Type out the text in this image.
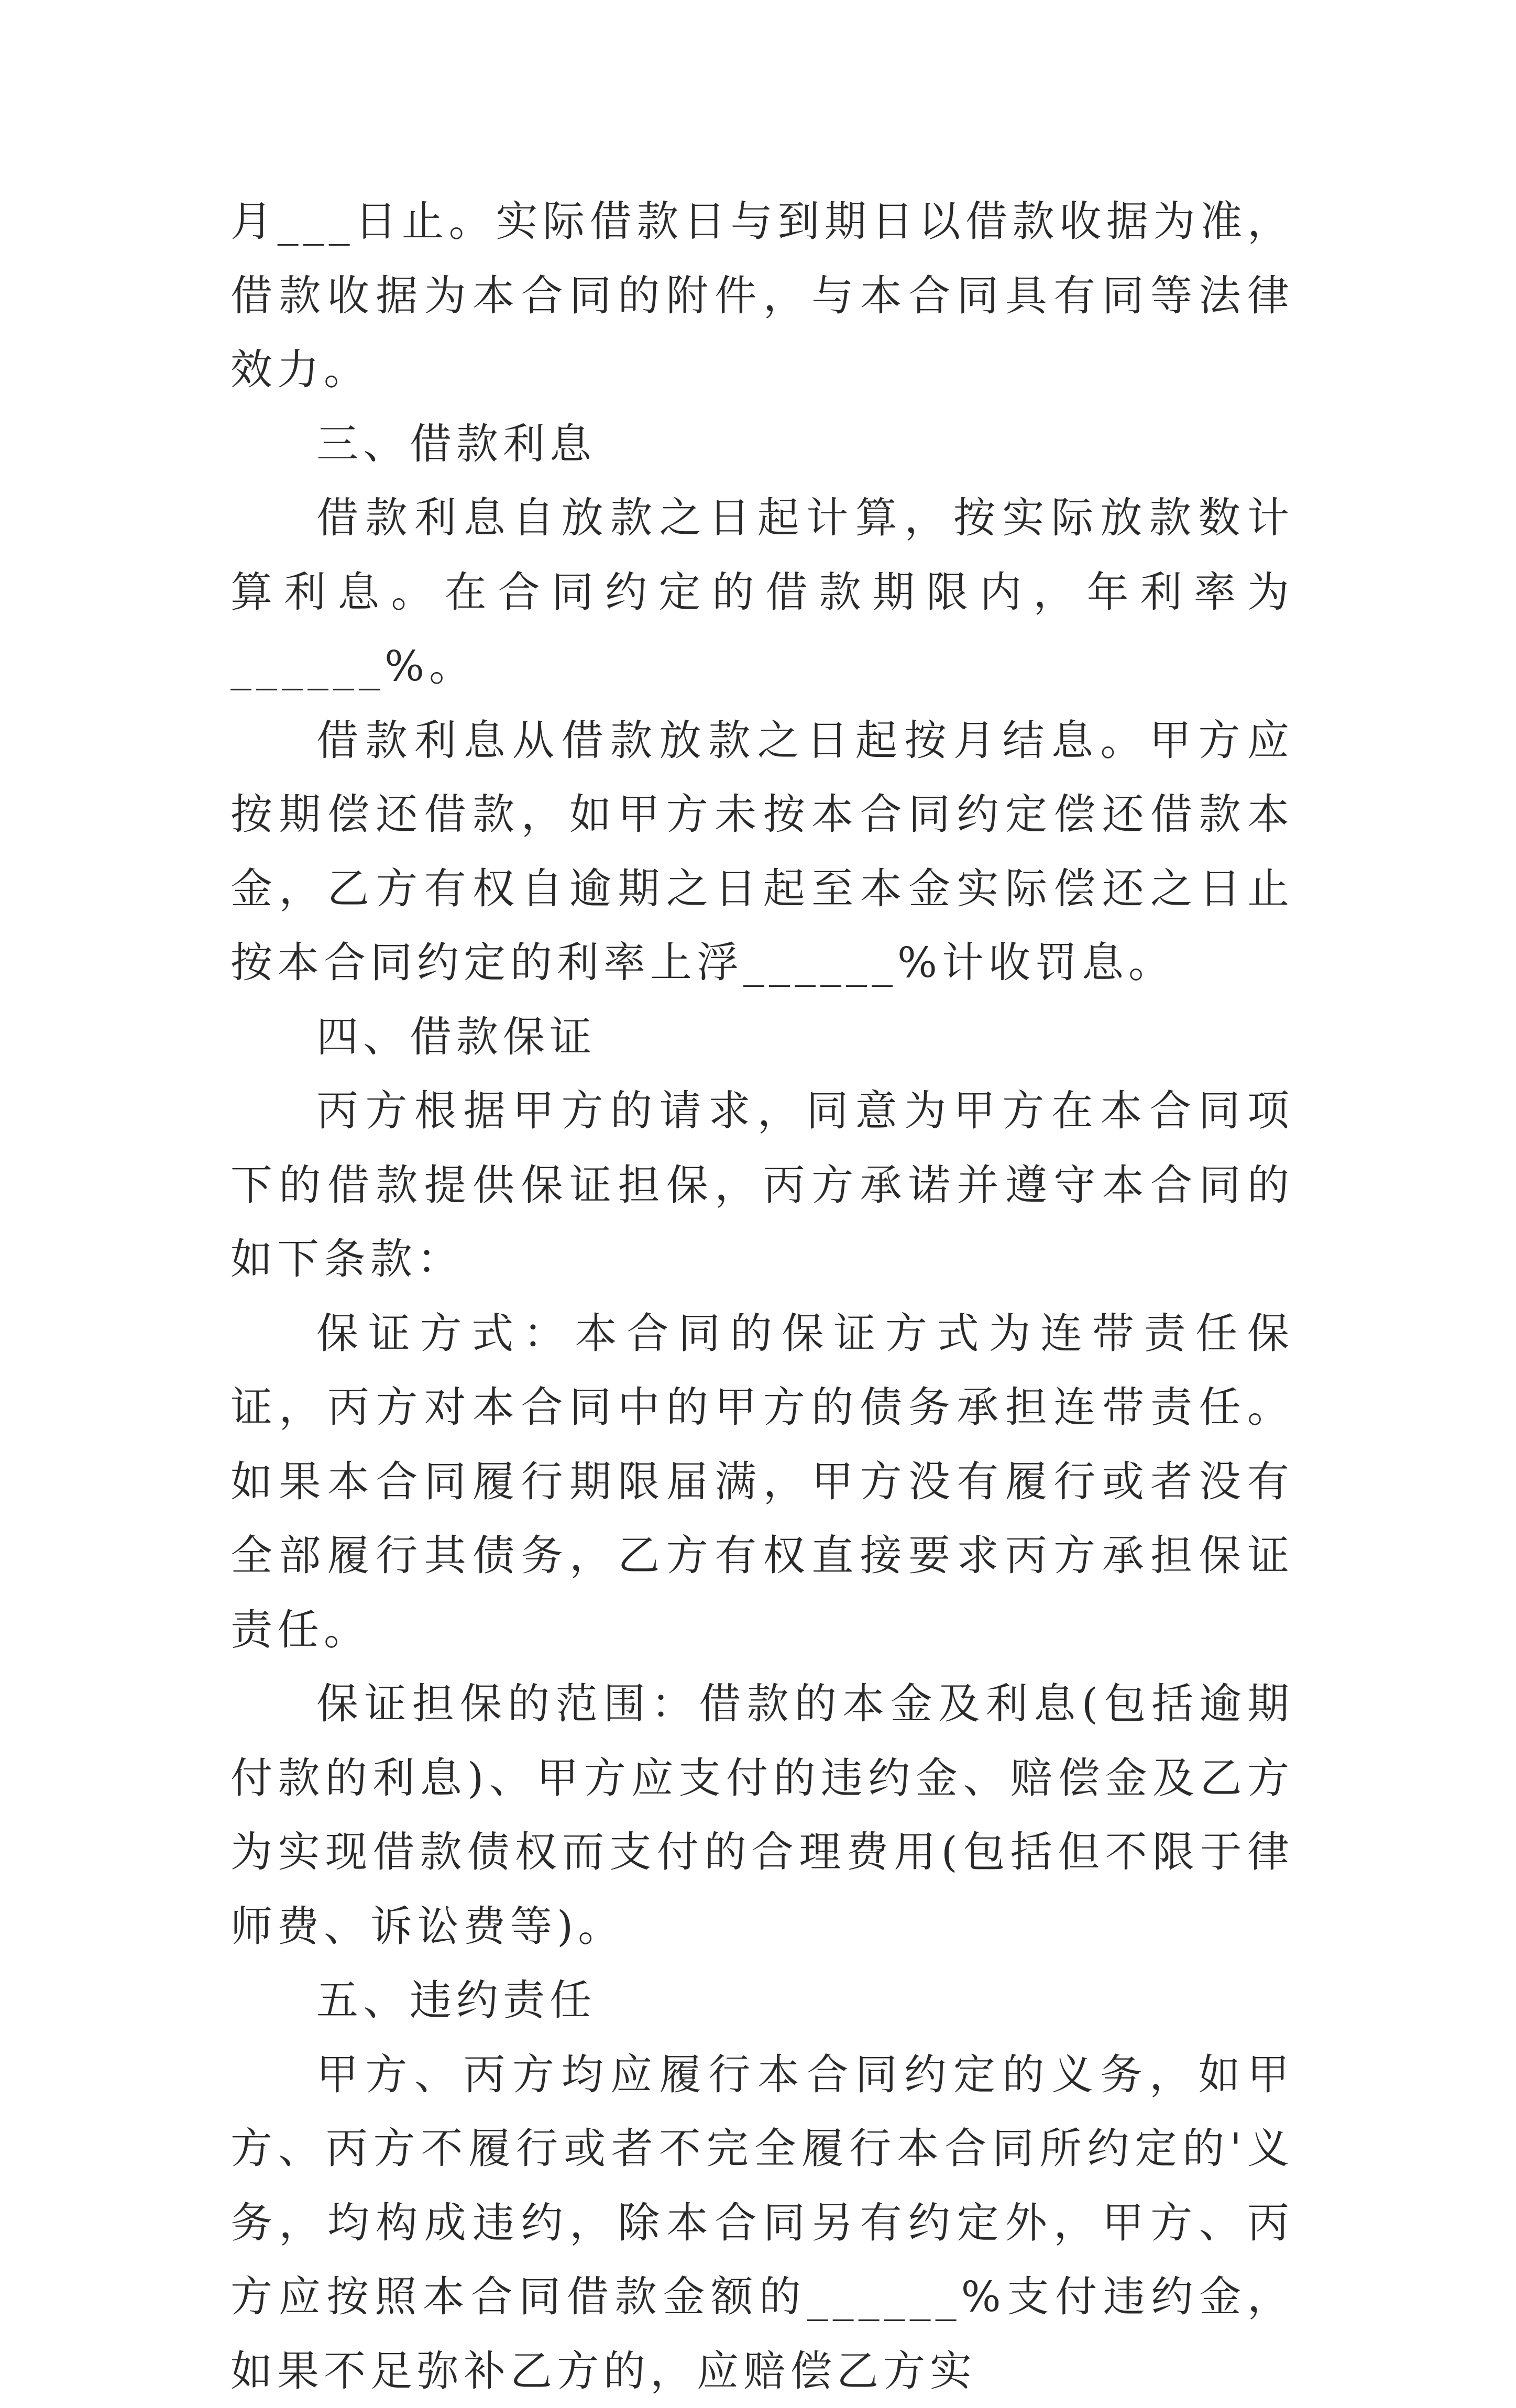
月___日止。实际借款日与到期日以借款收据为准，借款收据为本合同的附件，与本合同具有同等法律效力。

三、借款利息

借款利息自放款之日起计算，按实际放款数计算利息。在合同约定的借款期限内，年利率为______%。

借款利息从借款放款之日起按月结息。甲方应按期偿还借款，如甲方未按本合同约定偿还借款本金，乙方有权自逾期之日起至本金实际偿还之日止按本合同约定的利率上浮______%计收罚息。

四、借款保证

丙方根据甲方的请求，同意为甲方在本合同项下的借款提供保证担保，丙方承诺并遵守本合同的如下条款：

保证方式：本合同的保证方式为连带责任保证，丙方对本合同中的甲方的债务承担连带责任。如果本合同履行期限届满，甲方没有履行或者没有全部履行其债务，乙方有权直接要求丙方承担保证责任。

保证担保的范围：借款的本金及利息(包括逾期付款的利息)、甲方应支付的违约金、赔偿金及乙方为实现借款债权而支付的合理费用(包括但不限于律师费、诉讼费等)。

五、违约责任

甲方、丙方均应履行本合同约定的义务，如甲方、丙方不履行或者不完全履行本合同所约定的'义务，均构成违约，除本合同另有约定外，甲方、丙方应按照本合同借款金额的______%支付违约金，如果不足弥补乙方的，应赔偿乙方实
